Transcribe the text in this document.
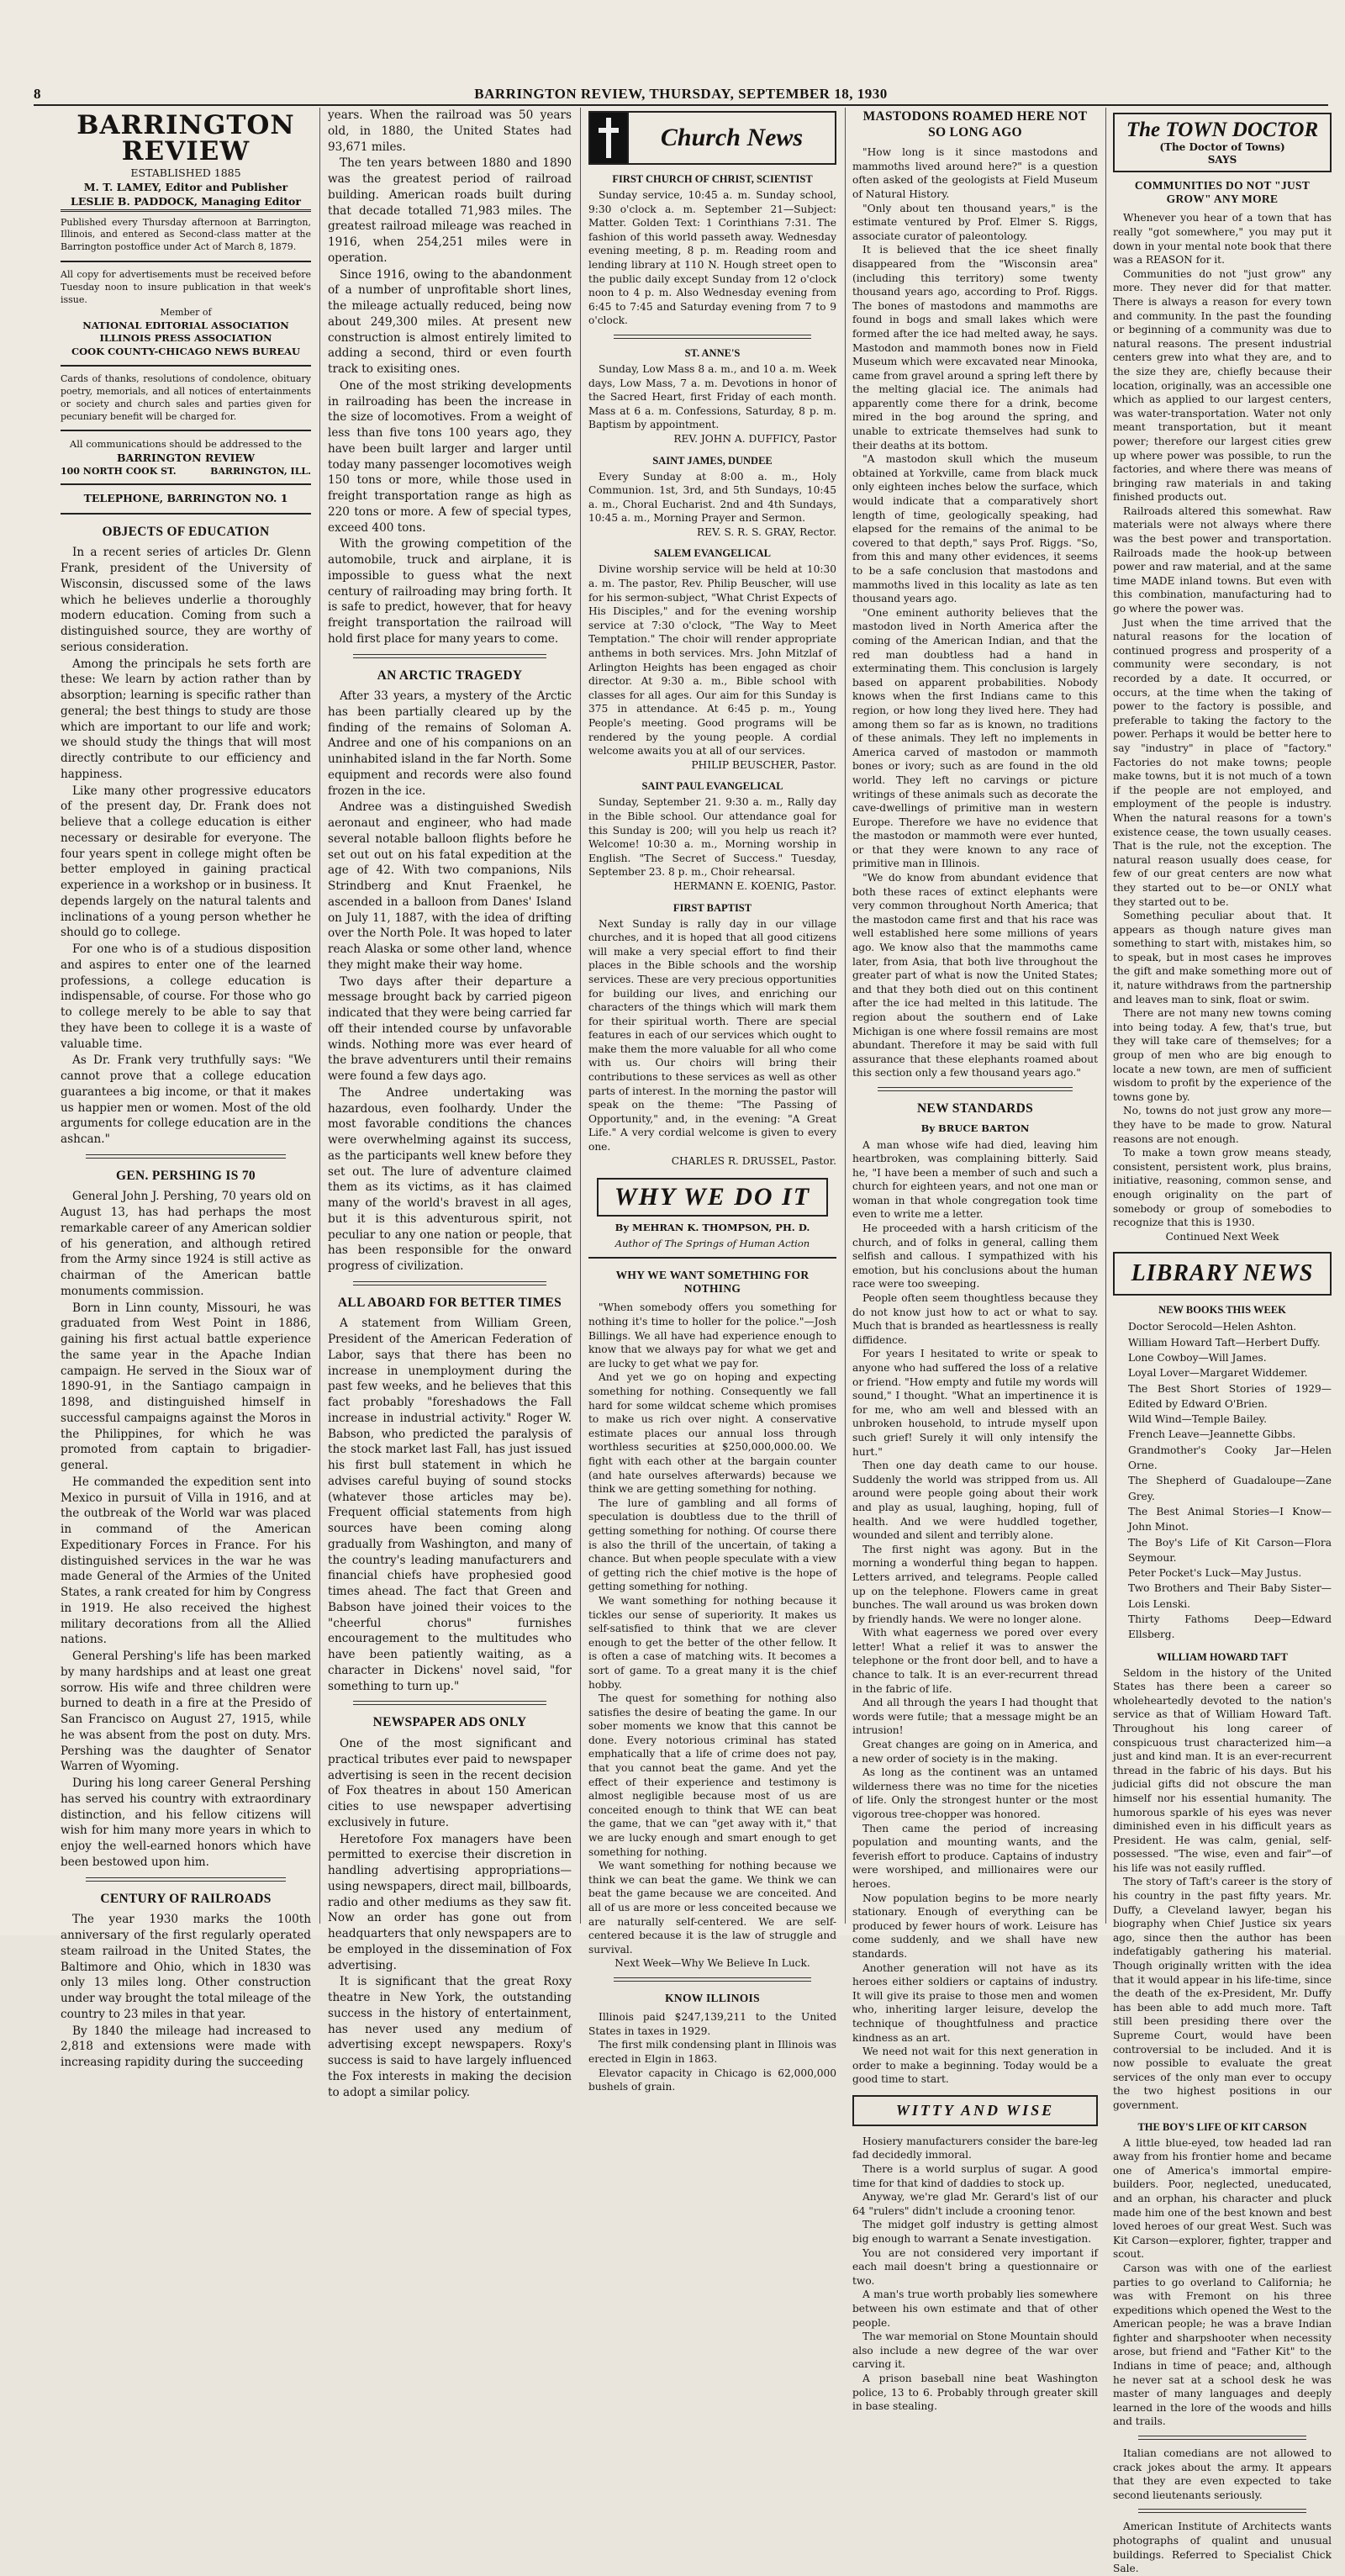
8	BARRINGTON REVIEW, THURSDAY, SEPTEMBER 18, 1930
BARRINGTON REVIEW
ESTABLISHED 1885
M. T. LAMEY, Editor and Publisher
LESLIE B. PADDOCK, Managing Editor
Published every Thursday afternoon at Barrington, Illinois, and entered as Second-class matter at the Barrington postoffice under Act of March 8, 1879.
All copy for advertisements must be received before Tuesday noon to insure publication in that week's issue.
Member of
NATIONAL EDITORIAL ASSOCIATION
ILLINOIS PRESS ASSOCIATION
COOK COUNTY-CHICAGO NEWS BUREAU
Cards of thanks, resolutions of condolence, obituary poetry, memorials, and all notices of entertainments or society and church sales and parties given for pecuniary benefit will be charged for.
All communications should be addressed to the
BARRINGTON REVIEW
100 NORTH COOK ST.	BARRINGTON, ILL.
TELEPHONE, BARRINGTON NO. 1
OBJECTS OF EDUCATION

In a recent series of articles Dr. Glenn Frank, president of the University of Wisconsin, discussed some of the laws which he believes underlie a thoroughly modern education. Coming from such a distinguished source, they are worthy of serious consideration.

Among the principals he sets forth are these: We learn by action rather than by absorption; learning is specific rather than general; the best things to study are those which are important to our life and work; we should study the things that will most directly contribute to our efficiency and happiness.

Like many other progressive educators of the present day, Dr. Frank does not believe that a college education is either necessary or desirable for everyone. The four years spent in college might often be better employed in gaining practical experience in a workshop or in business. It depends largely on the natural talents and inclinations of a young person whether he should go to college.

For one who is of a studious disposition and aspires to enter one of the learned professions, a college education is indispensable, of course. For those who go to college merely to be able to say that they have been to college it is a waste of valuable time.

As Dr. Frank very truthfully says: "We cannot prove that a college education guarantees a big income, or that it makes us happier men or women. Most of the old arguments for college education are in the ashcan."

GEN. PERSHING IS 70

General John J. Pershing, 70 years old on August 13, has had perhaps the most remarkable career of any American soldier of his generation, and although retired from the Army since 1924 is still active as chairman of the American battle monuments commission.

Born in Linn county, Missouri, he was graduated from West Point in 1886, gaining his first actual battle experience the same year in the Apache Indian campaign. He served in the Sioux war of 1890-91, in the Santiago campaign in 1898, and distinguished himself in successful campaigns against the Moros in the Philippines, for which he was promoted from captain to brigadier-general.

He commanded the expedition sent into Mexico in pursuit of Villa in 1916, and at the outbreak of the World war was placed in command of the American Expeditionary Forces in France. For his distinguished services in the war he was made General of the Armies of the United States, a rank created for him by Congress in 1919. He also received the highest military decorations from all the Allied nations.

General Pershing's life has been marked by many hardships and at least one great sorrow. His wife and three children were burned to death in a fire at the Presido of San Francisco on August 27, 1915, while he was absent from the post on duty. Mrs. Pershing was the daughter of Senator Warren of Wyoming.

During his long career General Pershing has served his country with extraordinary distinction, and his fellow citizens will wish for him many more years in which to enjoy the well-earned honors which have been bestowed upon him.

CENTURY OF RAILROADS

The year 1930 marks the 100th anniversary of the first regularly operated steam railroad in the United States, the Baltimore and Ohio, which in 1830 was only 13 miles long. Other construction under way brought the total mileage of the country to 23 miles in that year.

By 1840 the mileage had increased to 2,818 and extensions were made with increasing rapidity during the succeeding

years. When the railroad was 50 years old, in 1880, the United States had 93,671 miles.

The ten years between 1880 and 1890 was the greatest period of railroad building. American roads built during that decade totalled 71,983 miles. The greatest railroad mileage was reached in 1916, when 254,251 miles were in operation.

Since 1916, owing to the abandonment of a number of unprofitable short lines, the mileage actually reduced, being now about 249,300 miles. At present new construction is almost entirely limited to adding a second, third or even fourth track to exisiting ones.

One of the most striking developments in railroading has been the increase in the size of locomotives. From a weight of less than five tons 100 years ago, they have been built larger and larger until today many passenger locomotives weigh 150 tons or more, while those used in freight transportation range as high as 220 tons or more. A few of special types, exceed 400 tons.

With the growing competition of the automobile, truck and airplane, it is impossible to guess what the next century of railroading may bring forth. It is safe to predict, however, that for heavy freight transportation the railroad will hold first place for many years to come.

AN ARCTIC TRAGEDY

After 33 years, a mystery of the Arctic has been partially cleared up by the finding of the remains of Soloman A. Andree and one of his companions on an uninhabited island in the far North. Some equipment and records were also found frozen in the ice.

Andree was a distinguished Swedish aeronaut and engineer, who had made several notable balloon flights before he set out out on his fatal expedition at the age of 42. With two companions, Nils Strindberg and Knut Fraenkel, he ascended in a balloon from Danes' Island on July 11, 1887, with the idea of drifting over the North Pole. It was hoped to later reach Alaska or some other land, whence they might make their way home.

Two days after their departure a message brought back by carried pigeon indicated that they were being carried far off their intended course by unfavorable winds. Nothing more was ever heard of the brave adventurers until their remains were found a few days ago.

The Andree undertaking was hazardous, even foolhardy. Under the most favorable conditions the chances were overwhelming against its success, as the participants well knew before they set out. The lure of adventure claimed them as its victims, as it has claimed many of the world's bravest in all ages, but it is this adventurous spirit, not peculiar to any one nation or people, that has been responsible for the onward progress of civilization.

ALL ABOARD FOR BETTER TIMES

A statement from William Green, President of the American Federation of Labor, says that there has been no increase in unemployment during the past few weeks, and he believes that this fact probably "foreshadows the Fall increase in industrial activity." Roger W. Babson, who predicted the paralysis of the stock market last Fall, has just issued his first bull statement in which he advises careful buying of sound stocks (whatever those articles may be). Frequent official statements from high sources have been coming along gradually from Washington, and many of the country's leading manufacturers and financial chiefs have prophesied good times ahead. The fact that Green and Babson have joined their voices to the "cheerful chorus" furnishes encouragement to the multitudes who have been patiently waiting, as a character in Dickens' novel said, "for something to turn up."

NEWSPAPER ADS ONLY

One of the most significant and practical tributes ever paid to newspaper advertising is seen in the recent decision of Fox theatres in about 150 American cities to use newspaper advertising exclusively in future.

Heretofore Fox managers have been permitted to exercise their discretion in handling advertising appropriations—using newspapers, direct mail, billboards, radio and other mediums as they saw fit. Now an order has gone out from headquarters that only newspapers are to be employed in the dissemination of Fox advertising.

It is significant that the great Roxy theatre in New York, the outstanding success in the history of entertainment, has never used any medium of advertising except newspapers. Roxy's success is said to have largely influenced the Fox interests in making the decision to adopt a similar policy.

Church News
FIRST CHURCH OF CHRIST, SCIENTIST

Sunday service, 10:45 a. m. Sunday school, 9:30 o'clock a. m. September 21—Subject: Matter. Golden Text: 1 Corinthians 7:31. The fashion of this world passeth away. Wednesday evening meeting, 8 p. m. Reading room and lending library at 110 N. Hough street open to the public daily except Sunday from 12 o'clock noon to 4 p. m. Also Wednesday evening from 6:45 to 7:45 and Saturday evening from 7 to 9 o'clock.

ST. ANNE'S

Sunday, Low Mass 8 a. m., and 10 a. m. Week days, Low Mass, 7 a. m. Devotions in honor of the Sacred Heart, first Friday of each month. Mass at 6 a. m. Confessions, Saturday, 8 p. m. Baptism by appointment.

REV. JOHN A. DUFFICY, Pastor

SAINT JAMES, DUNDEE

Every Sunday at 8:00 a. m., Holy Communion. 1st, 3rd, and 5th Sundays, 10:45 a. m., Choral Eucharist. 2nd and 4th Sundays, 10:45 a. m., Morning Prayer and Sermon.

REV. S. R. S. GRAY, Rector.

SALEM EVANGELICAL

Divine worship service will be held at 10:30 a. m. The pastor, Rev. Philip Beuscher, will use for his sermon-subject, "What Christ Expects of His Disciples," and for the evening worship service at 7:30 o'clock, "The Way to Meet Temptation." The choir will render appropriate anthems in both services. Mrs. John Mitzlaf of Arlington Heights has been engaged as choir director. At 9:30 a. m., Bible school with classes for all ages. Our aim for this Sunday is 375 in attendance. At 6:45 p. m., Young People's meeting. Good programs will be rendered by the young people. A cordial welcome awaits you at all of our services.

PHILIP BEUSCHER, Pastor.

SAINT PAUL EVANGELICAL

Sunday, September 21. 9:30 a. m., Rally day in the Bible school. Our attendance goal for this Sunday is 200; will you help us reach it? Welcome! 10:30 a. m., Morning worship in English. "The Secret of Success." Tuesday, September 23. 8 p. m., Choir rehearsal.

HERMANN E. KOENIG, Pastor.

FIRST BAPTIST

Next Sunday is rally day in our village churches, and it is hoped that all good citizens will make a very special effort to find their places in the Bible schools and the worship services. These are very precious opportunities for building our lives, and enriching our characters of the things which will mark them for their spiritual worth. There are special features in each of our services which ought to make them the more valuable for all who come with us. Our choirs will bring their contributions to these services as well as other parts of interest. In the morning the pastor will speak on the theme: "The Passing of Opportunity," and, in the evening: "A Great Life." A very cordial welcome is given to every one.

CHARLES R. DRUSSEL, Pastor.

WHY WE DO IT
By MEHRAN K. THOMPSON, PH. D.
Author of The Springs of Human Action
WHY WE WANT SOMETHING FOR NOTHING

"When somebody offers you something for nothing it's time to holler for the police."—Josh Billings. We all have had experience enough to know that we always pay for what we get and are lucky to get what we pay for.

And yet we go on hoping and expecting something for nothing. Consequently we fall hard for some wildcat scheme which promises to make us rich over night. A conservative estimate places our annual loss through worthless securities at $250,000,000.00. We fight with each other at the bargain counter (and hate ourselves afterwards) because we think we are getting something for nothing.

The lure of gambling and all forms of speculation is doubtless due to the thrill of getting something for nothing. Of course there is also the thrill of the uncertain, of taking a chance. But when people speculate with a view of getting rich the chief motive is the hope of getting something for nothing.

We want something for nothing because it tickles our sense of superiority. It makes us self-satisfied to think that we are clever enough to get the better of the other fellow. It is often a case of matching wits. It becomes a sort of game. To a great many it is the chief hobby.

The quest for something for nothing also satisfies the desire of beating the game. In our sober moments we know that this cannot be done. Every notorious criminal has stated emphatically that a life of crime does not pay, that you cannot beat the game. And yet the effect of their experience and testimony is almost negligible because most of us are conceited enough to think that WE can beat the game, that we can "get away with it," that we are lucky enough and smart enough to get something for nothing.

We want something for nothing because we think we can beat the game. We think we can beat the game because we are conceited. And all of us are more or less conceited because we are naturally self-centered. We are self-centered because it is the law of struggle and survival.

Next Week—Why We Believe In Luck.

KNOW ILLINOIS

Illinois paid $247,139,211 to the United States in taxes in 1929.

The first milk condensing plant in Illinois was erected in Elgin in 1863.

Elevator capacity in Chicago is 62,000,000 bushels of grain.

MASTODONS ROAMED HERE NOT SO LONG AGO

"How long is it since mastodons and mammoths lived around here?" is a question often asked of the geologists at Field Museum of Natural History.

"Only about ten thousand years," is the estimate ventured by Prof. Elmer S. Riggs, associate curator of paleontology.

It is believed that the ice sheet finally disappeared from the "Wisconsin area" (including this territory) some twenty thousand years ago, according to Prof. Riggs. The bones of mastodons and mammoths are found in bogs and small lakes which were formed after the ice had melted away, he says. Mastodon and mammoth bones now in Field Museum which were excavated near Minooka, came from gravel around a spring left there by the melting glacial ice. The animals had apparently come there for a drink, become mired in the bog around the spring, and unable to extricate themselves had sunk to their deaths at its bottom.

"A mastodon skull which the museum obtained at Yorkville, came from black muck only eighteen inches below the surface, which would indicate that a comparatively short length of time, geologically speaking, had elapsed for the remains of the animal to be covered to that depth," says Prof. Riggs. "So, from this and many other evidences, it seems to be a safe conclusion that mastodons and mammoths lived in this locality as late as ten thousand years ago.

"One eminent authority believes that the mastodon lived in North America after the coming of the American Indian, and that the red man doubtless had a hand in exterminating them. This conclusion is largely based on apparent probabilities. Nobody knows when the first Indians came to this region, or how long they lived here. They had among them so far as is known, no traditions of these animals. They left no implements in America carved of mastodon or mammoth bones or ivory; such as are found in the old world. They left no carvings or picture writings of these animals such as decorate the cave-dwellings of primitive man in western Europe. Therefore we have no evidence that the mastodon or mammoth were ever hunted, or that they were known to any race of primitive man in Illinois.

"We do know from abundant evidence that both these races of extinct elephants were very common throughout North America; that the mastodon came first and that his race was well established here some millions of years ago. We know also that the mammoths came later, from Asia, that both live throughout the greater part of what is now the United States; and that they both died out on this continent after the ice had melted in this latitude. The region about the southern end of Lake Michigan is one where fossil remains are most abundant. Therefore it may be said with full assurance that these elephants roamed about this section only a few thousand years ago."

NEW STANDARDS
By BRUCE BARTON

A man whose wife had died, leaving him heartbroken, was complaining bitterly. Said he, "I have been a member of such and such a church for eighteen years, and not one man or woman in that whole congregation took time even to write me a letter.

He proceeded with a harsh criticism of the church, and of folks in general, calling them selfish and callous. I sympathized with his emotion, but his conclusions about the human race were too sweeping.

People often seem thoughtless because they do not know just how to act or what to say. Much that is branded as heartlessness is really diffidence.

For years I hesitated to write or speak to anyone who had suffered the loss of a relative or friend. "How empty and futile my words will sound," I thought. "What an impertinence it is for me, who am well and blessed with an unbroken household, to intrude myself upon such grief! Surely it will only intensify the hurt."

Then one day death came to our house. Suddenly the world was stripped from us. All around were people going about their work and play as usual, laughing, hoping, full of health. And we were huddled together, wounded and silent and terribly alone.

The first night was agony. But in the morning a wonderful thing began to happen. Letters arrived, and telegrams. People called up on the telephone. Flowers came in great bunches. The wall around us was broken down by friendly hands. We were no longer alone.

With what eagerness we pored over every letter! What a relief it was to answer the telephone or the front door bell, and to have a chance to talk. It is an ever-recurrent thread in the fabric of life.

And all through the years I had thought that words were futile; that a message might be an intrusion!

Great changes are going on in America, and a new order of society is in the making.

As long as the continent was an untamed wilderness there was no time for the niceties of life. Only the strongest hunter or the most vigorous tree-chopper was honored.

Then came the period of increasing population and mounting wants, and the feverish effort to produce. Captains of industry were worshiped, and millionaires were our heroes.

Now population begins to be more nearly stationary. Enough of everything can be produced by fewer hours of work. Leisure has come suddenly, and we shall have new standards.

Another generation will not have as its heroes either soldiers or captains of industry. It will give its praise to those men and women who, inheriting larger leisure, develop the technique of thoughtfulness and practice kindness as an art.

We need not wait for this next generation in order to make a beginning. Today would be a good time to start.

WITTY AND WISE

Hosiery manufacturers consider the bare-leg fad decidedly immoral.

There is a world surplus of sugar. A good time for that kind of daddies to stock up.

Anyway, we're glad Mr. Gerard's list of our 64 "rulers" didn't include a crooning tenor.

The midget golf industry is getting almost big enough to warrant a Senate investigation.

You are not considered very important if each mail doesn't bring a questionnaire or two.

A man's true worth probably lies somewhere between his own estimate and that of other people.

The war memorial on Stone Mountain should also include a new degree of the war over carving it.

A prison baseball nine beat Washington police, 13 to 6. Probably through greater skill in base stealing.

The TOWN DOCTOR
(The Doctor of Towns)
SAYS
COMMUNITIES DO NOT "JUST GROW" ANY MORE

Whenever you hear of a town that has really "got somewhere," you may put it down in your mental note book that there was a REASON for it.

Communities do not "just grow" any more. They never did for that matter. There is always a reason for every town and community. In the past the founding or beginning of a community was due to natural reasons. The present industrial centers grew into what they are, and to the size they are, chiefly because their location, originally, was an accessible one which as applied to our largest centers, was water-transportation. Water not only meant transportation, but it meant power; therefore our largest cities grew up where power was possible, to run the factories, and where there was means of bringing raw materials in and taking finished products out.

Railroads altered this somewhat. Raw materials were not always where there was the best power and transportation. Railroads made the hook-up between power and raw material, and at the same time MADE inland towns. But even with this combination, manufacturing had to go where the power was.

Just when the time arrived that the natural reasons for the location of continued progress and prosperity of a community were secondary, is not recorded by a date. It occurred, or occurs, at the time when the taking of power to the factory is possible, and preferable to taking the factory to the power. Perhaps it would be better here to say "industry" in place of "factory." Factories do not make towns; people make towns, but it is not much of a town if the people are not employed, and employment of the people is industry. When the natural reasons for a town's existence cease, the town usually ceases. That is the rule, not the exception. The natural reason usually does cease, for few of our great centers are now what they started out to be—or ONLY what they started out to be.

Something peculiar about that. It appears as though nature gives man something to start with, mistakes him, so to speak, but in most cases he improves the gift and make something more out of it, nature withdraws from the partnership and leaves man to sink, float or swim.

There are not many new towns coming into being today. A few, that's true, but they will take care of themselves; for a group of men who are big enough to locate a new town, are men of sufficient wisdom to profit by the experience of the towns gone by.

No, towns do not just grow any more—they have to be made to grow. Natural reasons are not enough.

To make a town grow means steady, consistent, persistent work, plus brains, initiative, reasoning, common sense, and enough originality on the part of somebody or group of somebodies to recognize that this is 1930.

Continued Next Week

LIBRARY NEWS
NEW BOOKS THIS WEEK
Doctor Serocold—Helen Ashton.
William Howard Taft—Herbert Duffy.
Lone Cowboy—Will James.
Loyal Lover—Margaret Widdemer.
The Best Short Stories of 1929—Edited by Edward O'Brien.
Wild Wind—Temple Bailey.
French Leave—Jeannette Gibbs.
Grandmother's Cooky Jar—Helen Orne.
The Shepherd of Guadaloupe—Zane Grey.
The Best Animal Stories—I Know—John Minot.
The Boy's Life of Kit Carson—Flora Seymour.
Peter Pocket's Luck—May Justus.
Two Brothers and Their Baby Sister—Lois Lenski.
Thirty Fathoms Deep—Edward Ellsberg.
WILLIAM HOWARD TAFT

Seldom in the history of the United States has there been a career so wholeheartedly devoted to the nation's service as that of William Howard Taft. Throughout his long career of conspicuous trust characterized him—a just and kind man. It is an ever-recurrent thread in the fabric of his days. But his judicial gifts did not obscure the man himself nor his essential humanity. The humorous sparkle of his eyes was never diminished even in his difficult years as President. He was calm, genial, self-possessed. "The wise, even and fair"—of his life was not easily ruffled.

The story of Taft's career is the story of his country in the past fifty years. Mr. Duffy, a Cleveland lawyer, began his biography when Chief Justice six years ago, since then the author has been indefatigably gathering his material. Though originally written with the idea that it would appear in his life-time, since the death of the ex-President, Mr. Duffy has been able to add much more. Taft still been presiding there over the Supreme Court, would have been controversial to be included. And it is now possible to evaluate the great services of the only man ever to occupy the two highest positions in our government.

THE BOY'S LIFE OF KIT CARSON

A little blue-eyed, tow headed lad ran away from his frontier home and became one of America's immortal empire-builders. Poor, neglected, uneducated, and an orphan, his character and pluck made him one of the best known and best loved heroes of our great West. Such was Kit Carson—explorer, fighter, trapper and scout.

Carson was with one of the earliest parties to go overland to California; he was with Fremont on his three expeditions which opened the West to the American people; he was a brave Indian fighter and sharpshooter when necessity arose, but friend and "Father Kit" to the Indians in time of peace; and, although he never sat at a school desk he was master of many languages and deeply learned in the lore of the woods and hills and trails.

Italian comedians are not allowed to crack jokes about the army. It appears that they are even expected to take second lieutenants seriously.

American Institute of Architects wants photographs of qualint and unusual buildings. Referred to Specialist Chick Sale.
